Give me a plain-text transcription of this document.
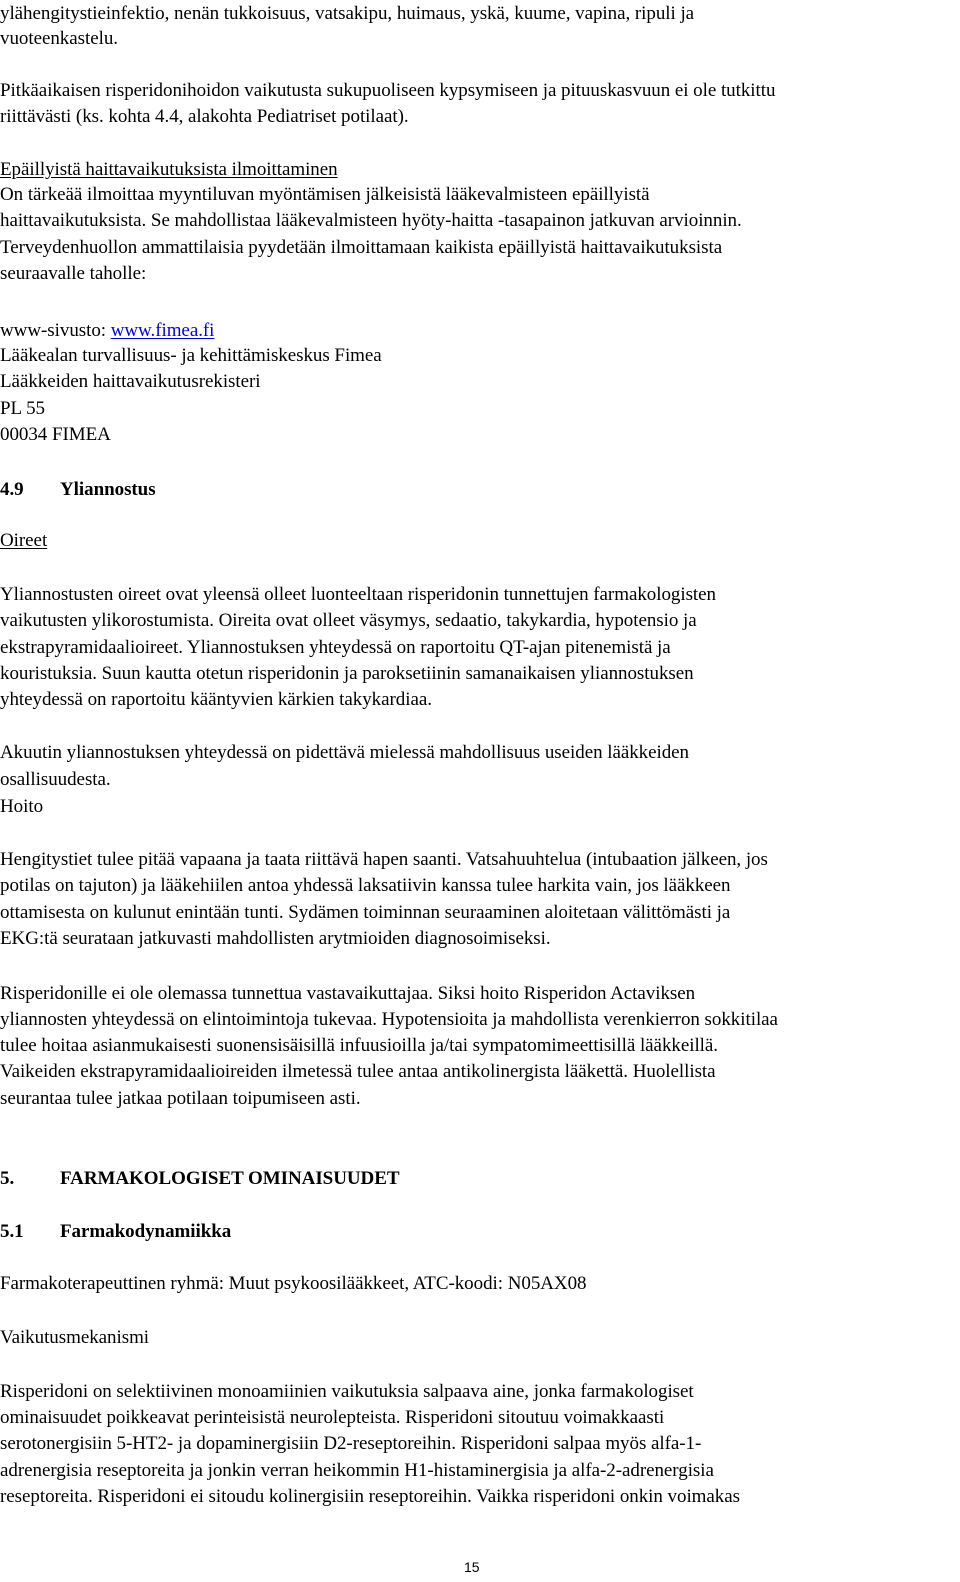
ylähengitystieinfektio, nenän tukkoisuus, vatsakipu, huimaus, yskä, kuume, vapina, ripuli ja
vuoteenkastelu.
Pitkäaikaisen risperidonihoidon vaikutusta sukupuoliseen kypsymiseen ja pituuskasvuun ei ole tutkittu
riittävästi (ks. kohta 4.4, alakohta Pediatriset potilaat).
Epäillyistä haittavaikutuksista ilmoittaminen
On tärkeää ilmoittaa myyntiluvan myöntämisen jälkeisistä lääkevalmisteen epäillyistä
haittavaikutuksista. Se mahdollistaa lääkevalmisteen hyöty-haitta -tasapainon jatkuvan arvioinnin.
Terveydenhuollon ammattilaisia pyydetään ilmoittamaan kaikista epäillyistä haittavaikutuksista
seuraavalle taholle:
www-sivusto: www.fimea.fi
Lääkealan turvallisuus- ja kehittämiskeskus Fimea
Lääkkeiden haittavaikutusrekisteri
PL 55
00034 FIMEA
4.9 Yliannostus
Oireet
Yliannostusten oireet ovat yleensä olleet luonteeltaan risperidonin tunnettujen farmakologisten
vaikutusten ylikorostumista. Oireita ovat olleet väsymys, sedaatio, takykardia, hypotensio ja
ekstrapyramidaalioireet. Yliannostuksen yhteydessä on raportoitu QT-ajan pitenemistä ja
kouristuksia. Suun kautta otetun risperidonin ja paroksetiinin samanaikaisen yliannostuksen
yhteydessä on raportoitu kääntyvien kärkien takykardiaa.
Akuutin yliannostuksen yhteydessä on pidettävä mielessä mahdollisuus useiden lääkkeiden
osallisuudesta.
Hoito
Hengitystiet tulee pitää vapaana ja taata riittävä hapen saanti. Vatsahuuhtelua (intubaation jälkeen, jos
potilas on tajuton) ja lääkehiilen antoa yhdessä laksatiivin kanssa tulee harkita vain, jos lääkkeen
ottamisesta on kulunut enintään tunti. Sydämen toiminnan seuraaminen aloitetaan välittömästi ja
EKG:tä seurataan jatkuvasti mahdollisten arytmioiden diagnosoimiseksi.
Risperidonille ei ole olemassa tunnettua vastavaikuttajaa. Siksi hoito Risperidon Actaviksen
yliannosten yhteydessä on elintoimintoja tukevaa. Hypotensioita ja mahdollista verenkierron sokkitilaa
tulee hoitaa asianmukaisesti suonensisäisillä infuusioilla ja/tai sympatomimeettisillä lääkkeillä.
Vaikeiden ekstrapyramidaalioireiden ilmetessä tulee antaa antikolinergista lääkettä. Huolellista
seurantaa tulee jatkaa potilaan toipumiseen asti.
5. FARMAKOLOGISET OMINAISUUDET
5.1 Farmakodynamiikka
Farmakoterapeuttinen ryhmä: Muut psykoosilääkkeet, ATC-koodi: N05AX08
Vaikutusmekanismi
Risperidoni on selektiivinen monoamiinien vaikutuksia salpaava aine, jonka farmakologiset
ominaisuudet poikkeavat perinteisistä neurolepteista. Risperidoni sitoutuu voimakkaasti
serotonergisiin 5-HT2- ja dopaminergisiin D2-reseptoreihin. Risperidoni salpaa myös alfa-1-
adrenergisia reseptoreita ja jonkin verran heikommin H1-histaminergisia ja alfa-2-adrenergisia
reseptoreita. Risperidoni ei sitoudu kolinergisiin reseptoreihin. Vaikka risperidoni onkin voimakas
15
